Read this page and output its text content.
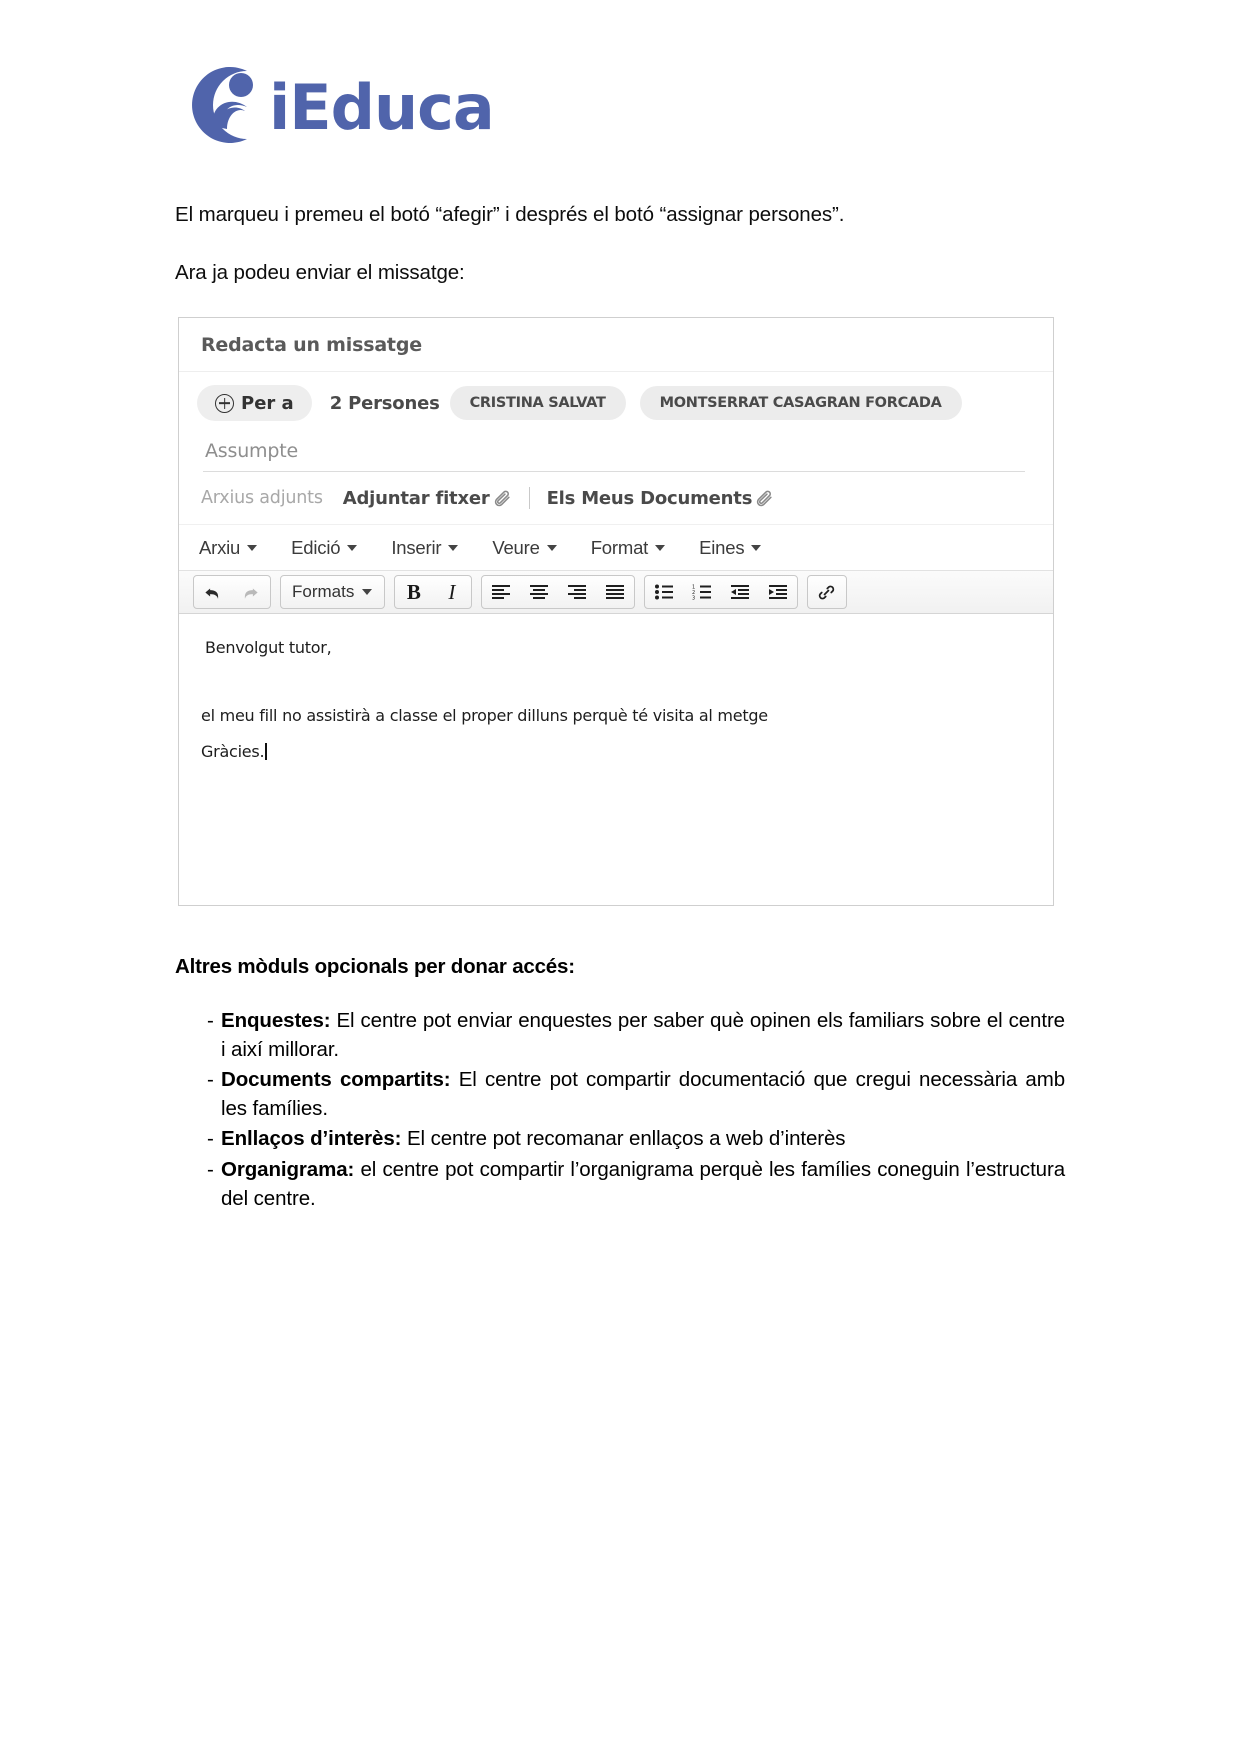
iEduca
El marqueu i premeu el botó “afegir” i després el botó “assignar persones”.
Ara ja podeu enviar el missatge:
Redacta un missatge
Per a 2 Persones	CRISTINA SALVAT	MONTSERRAT CASAGRAN FORCADA
Assumpte
Arxius adjunts Adjuntar fitxer	Els Meus Documents
Arxiu	Edició	Inserir	Veure	Format	Eines
Formats B I	1
2
3
Benvolgut tutor,
el meu fill no assistirà a classe el proper dilluns perquè té visita al metge
Gràcies.
Altres mòduls opcionals per donar accés:
- Enquestes: El centre pot enviar enquestes per saber què opinen els familiars sobre el centre i així millorar.
- Documents compartits: El centre pot compartir documentació que cregui necessària amb les famílies.
- Enllaços d’interès: El centre pot recomanar enllaços a web d’interès
- Organigrama: el centre pot compartir l’organigrama perquè les famílies coneguin l’estructura del centre.
